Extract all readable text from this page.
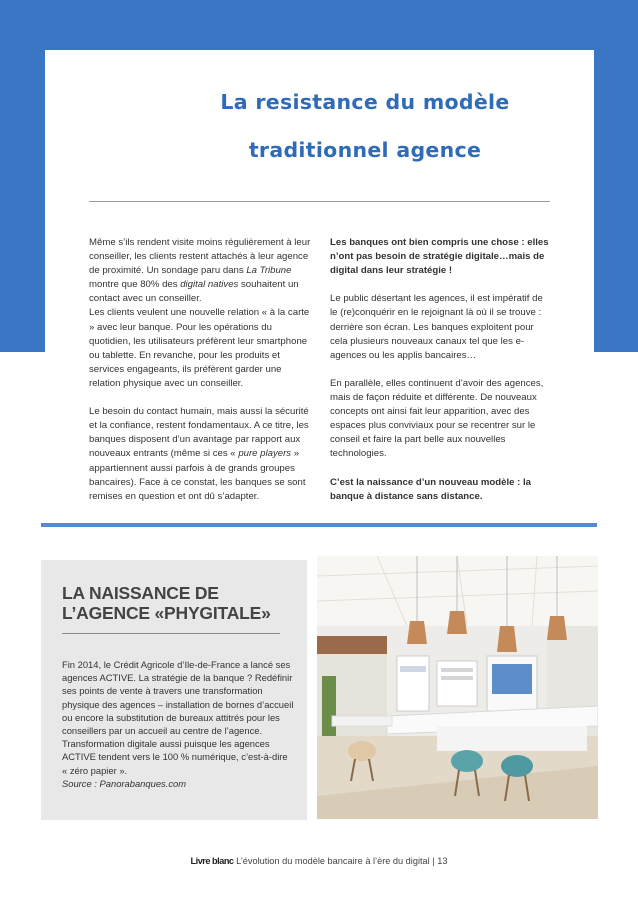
La resistance du modèle
traditionnel agence

Même s’ils rendent visite moins régulièrement à leur conseiller, les clients restent attachés à leur agence de proximité. Un sondage paru dans La Tribune montre que 80% des digital natives souhaitent un contact avec un conseiller.

Les clients veulent une nouvelle relation « à la carte » avec leur banque. Pour les opérations du quotidien, les utilisateurs préfèrent leur smartphone ou tablette. En revanche, pour les produits et services engageants, ils préfèrent garder une relation physique avec un conseiller.

Le besoin du contact humain, mais aussi la sécurité et la confiance, restent fondamentaux. A ce titre, les banques disposent d’un avantage par rapport aux nouveaux entrants (même si ces « pure players » appartiennent aussi parfois à de grands groupes bancaires). Face à ce constat, les banques se sont remises en question et ont dû s’adapter.

Les banques ont bien compris une chose : elles n’ont pas besoin de stratégie digitale…mais de digital dans leur stratégie !

Le public désertant les agences, il est impératif de le (re)conquérir en le rejoignant là où il se trouve : derrière son écran. Les banques exploitent pour cela plusieurs nouveaux canaux tel que les e-agences ou les applis bancaires…

En parallèle, elles continuent d’avoir des agences, mais de façon réduite et différente. De nouveaux concepts ont ainsi fait leur apparition, avec des espaces plus conviviaux pour se recentrer sur le conseil et faire la part belle aux nouvelles technologies.

C’est la naissance d’un nouveau modèle : la banque à distance sans distance.

LA NAISSANCE DE
L’AGENCE «PHYGITALE»

Fin 2014, le Crédit Agricole d’Ile-de-France a lancé ses agences ACTIVE. La stratégie de la banque ? Redéfinir ses points de vente à travers une transformation physique des agences – installation de bornes d’accueil ou encore la substitution de bureaux attitrés pour les conseillers par un accueil au centre de l’agence. Transformation digitale aussi puisque les agences ACTIVE tendent vers le 100 % numérique, c’est-à-dire « zéro papier ».

Source : Panorabanques.com

Livre blanc L’évolution du modèle bancaire à l’ère du digital | 13
